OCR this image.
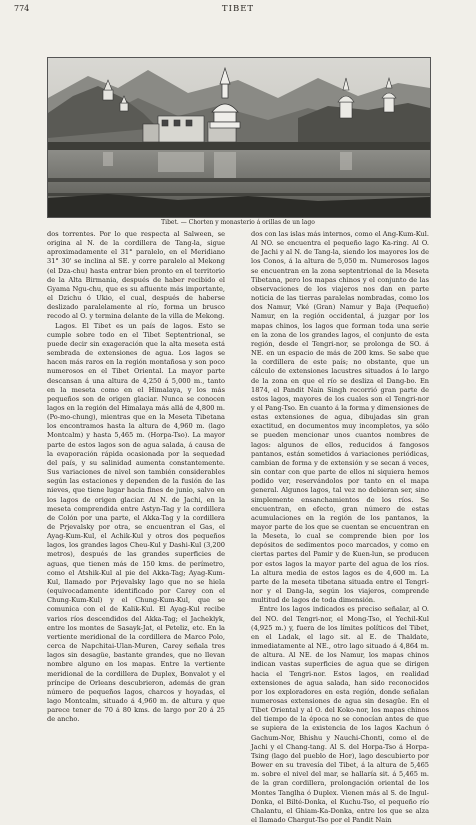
774	TIBET
Tibet. — Chorten y monasterio á orillas de un lago

dos torrentes. Por lo que respecta al Salween, se origina al N. de la cordillera de Tang-la, sigue aproximadamente el 31° paralelo, en el Meridiano 31° 30' se inclina al SE. y corre paralelo al Mekong (el Dza-chu) hasta entrar bien pronto en el territorio de la Alta Birmania, después de haber recibido el Gyama Ngu-chu, que es su afluente más importante, el Dzichu ó Ukio, el cual, después de haberse deslizado paralelamente al río, forma un brusco recodo al O. y termina delante de la villa de Mekong.

Lagos. El Tibet es un país de lagos. Esto se cumple sobre todo en el Tibet Septentrional, se puede decir sin exageración que la alta meseta está sembrada de extensiones de agua. Los lagos se hacen más raros en la región montañosa y son poco numerosos en el Tibet Oriental. La mayor parte descansan á una altura de 4,250 á 5,000 m., tanto en la meseta como en el Himalaya, y los más pequeños son de origen glaciar. Nunca se conocen lagos en la región del Himalaya más allá de 4,800 m. (Po-mo-chung), mientras que en la Meseta Tibetana los encontramos hasta la altura de 4,960 m. (lago Montcalm) y hasta 5,465 m. (Horpa-Tso). La mayor parte de estos lagos son de agua salada, á causa de la evaporación rápida ocasionada por la sequedad del país, y su salinidad aumenta constantemente. Sus variaciones de nivel son también considerables según las estaciones y dependen de la fusión de las nieves, que tiene lugar hacia fines de junio, salvo en los lagos de origen glaciar. Al N. de Jachi, en la meseta comprendida entre Astyn-Tag y la cordillera de Colón por una parte, el Akka-Tag y la cordillera de Prjevalsky por otra, se encuentran el Gas, el Ayag-Kum-Kul, el Achik-Kul y otros dos pequeños lagos, los grandes lagos Cheu-Kul y Dashi-Kul (3,200 metros), después de las grandes superficies de aguas, que tienen más de 150 kms. de perímetro, como el Atshik-Kul al pie del Akka-Tag; Ayag-Kum-Kul, llamado por Prjevalsky lago que no se hiela (equivocadamente identificado por Carey con el Chung-Kum-Kul) y el Chung-Kum-Kul, que se comunica con el de Kalik-Kul. El Ayag-Kul recibe varios ríos descendidos del Akka-Tag; el Jacheklyk, entre los montes de Sasayk-Jat, el Peteliz, etc. En la vertiente meridional de la cordillera de Marco Polo, cerca de Napchitai-Ulan-Muren, Carey señala tres lagos sin desagüe, bastante grandes, que no llevan nombre alguno en los mapas. Entre la vertiente meridional de la cordillera de Duplex, Bonvalot y el príncipe de Orleans descubrieron, además de gran número de pequeños lagos, charcos y hoyadas, el lago Montcalm, situado á 4,960 m. de altura y que parece tener de 70 á 80 kms. de largo por 20 á 25 de ancho.

dos con las islas más internos, como el Ang-Kum-Kul. Al NO. se encuentra el pequeño lago Ka-ring. Al O. de Jachi y al N. de Tang-la, siendo los mayores los de los Conos, á la altura de 5,050 m. Numerosos lagos se encuentran en la zona septentrional de la Meseta Tibetana, pero los mapas chinos y el conjunto de las observaciones de los viajeros nos dan en parte noticia de las tierras paralelas nombradas, como los dos Namur, Vké (Gran) Namur y Baja (Pequeño) Namur, en la región occidental, á juzgar por los mapas chinos, los lagos que forman toda una serie en la zona de los grandes lagos, el conjunto de esta región, desde el Tengri-nor, se prolonga de SO. á NE. en un espacio de más de 200 kms. Se sabe que la cordillera de este país; no obstante, que un cálculo de extensiones lacustres situados á lo largo de la zona en que el río se desliza el Dang-bo. En 1874, el Pandit Nain Singh recorrió gran parte de estos lagos, mayores de los cuales son el Tengri-nor y el Pang-Tso. En cuanto á la forma y dimensiones de estas extensiones de agua, dibujadas sin gran exactitud, en documentos muy incompletos, ya sólo se pueden mencionar unos cuantos nombres de lagos: algunos de ellos, reducidos á fangosos pantanos, están sometidos á variaciones periódicas, cambian de forma y de extensión y se secan á veces, sin contar con que parte de ellos ni siquiera hemos podido ver, reservándolos por tanto en el mapa general. Algunos lagos, tal vez no debieran ser, sino simplemente ensanchamientos de los ríos. Se encuentran, en efecto, gran número de estas acumulaciones en la región de los pantanos, la mayor parte de los que se cuentan se encuentran en la Meseta, lo cual se comprende bien por los depósitos de sedimentos poco marcados, y como en ciertas partes del Pamir y de Kuen-lun, se producen por estos lagos la mayor parte del agua de los ríos. La altura media de estos lagos es de 4,600 m. La parte de la meseta tibetana situada entre el Tengri-nor y el Dang-la, según los viajeros, comprende multitud de lagos de toda dimensión.

Entre los lagos indicados es preciso señalar, al O. del NO. del Tengri-nor, el Mong-Tso, el Yechil-Kul (4,925 m.) y, fuera de los límites políticos del Tibet, en el Ladak, el lago sit. al E. de Thaldate, inmediatamente al NE., otro lago situado á 4,864 m. de altura. Al NE. de los Namur, los mapas chinos indican vastas superficies de agua que se dirigen hacia el Tengri-nor. Estos lagos, en realidad extensiones de agua salada, han sido reconocidos por los exploradores en esta región, donde señalan numerosas extensiones de agua sin desagüe. En el Tibet Oriental y al O. del Koko-nor, los mapas chinos del tiempo de la época no se conocían antes de que se supiera de la existencia de los lagos Kachun ó Gachum-Nor, Bhishu y Nauchi-Chonti, como el de Jachi y el Chang-tang. Al S. del Horpa-Tso á Horpa-Tsing (lago del pueblo de Hor), lago descubierto por Bower en su travesía del Tibet, á la altura de 5,465 m. sobre el nivel del mar, se hallaría sit. á 5,465 m. de la gran cordillera, prolongación oriental de los Montes Tanglha ó Duplex. Vienen más al S. de Ingul-Donka, el Bilté-Donka, el Kuchu-Tso, el pequeño río Chalantu, el Ghiam-Ka-Donka, entre los que se alza el llamado Chargut-Tso por el Pandit Nain
